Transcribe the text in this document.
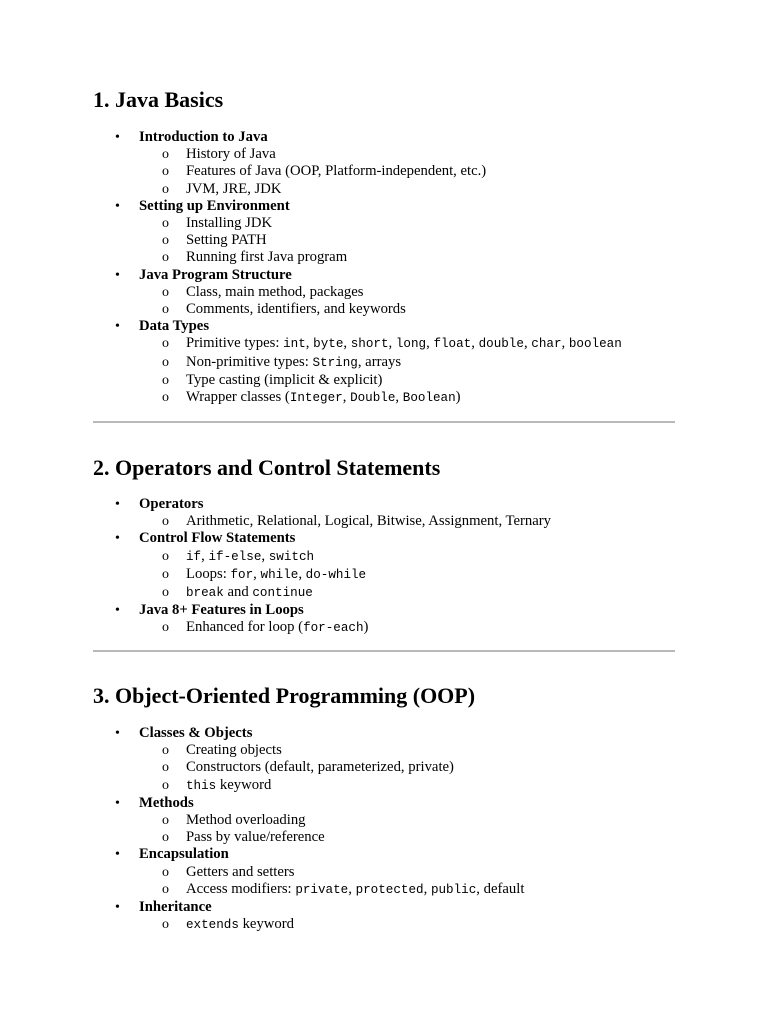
1. Java Basics
• Introduction to Java
o History of Java
o Features of Java (OOP, Platform-independent, etc.)
o JVM, JRE, JDK
• Setting up Environment
o Installing JDK
o Setting PATH
o Running first Java program
• Java Program Structure
o Class, main method, packages
o Comments, identifiers, and keywords
• Data Types
o Primitive types: int, byte, short, long, float, double, char, boolean
o Non-primitive types: String, arrays
o Type casting (implicit & explicit)
o Wrapper classes (Integer, Double, Boolean)
2. Operators and Control Statements
• Operators
o Arithmetic, Relational, Logical, Bitwise, Assignment, Ternary
• Control Flow Statements
o if, if-else, switch
o Loops: for, while, do-while
o break and continue
• Java 8+ Features in Loops
o Enhanced for loop (for-each)
3. Object-Oriented Programming (OOP)
• Classes & Objects
o Creating objects
o Constructors (default, parameterized, private)
o this keyword
• Methods
o Method overloading
o Pass by value/reference
• Encapsulation
o Getters and setters
o Access modifiers: private, protected, public, default
• Inheritance
o extends keyword
